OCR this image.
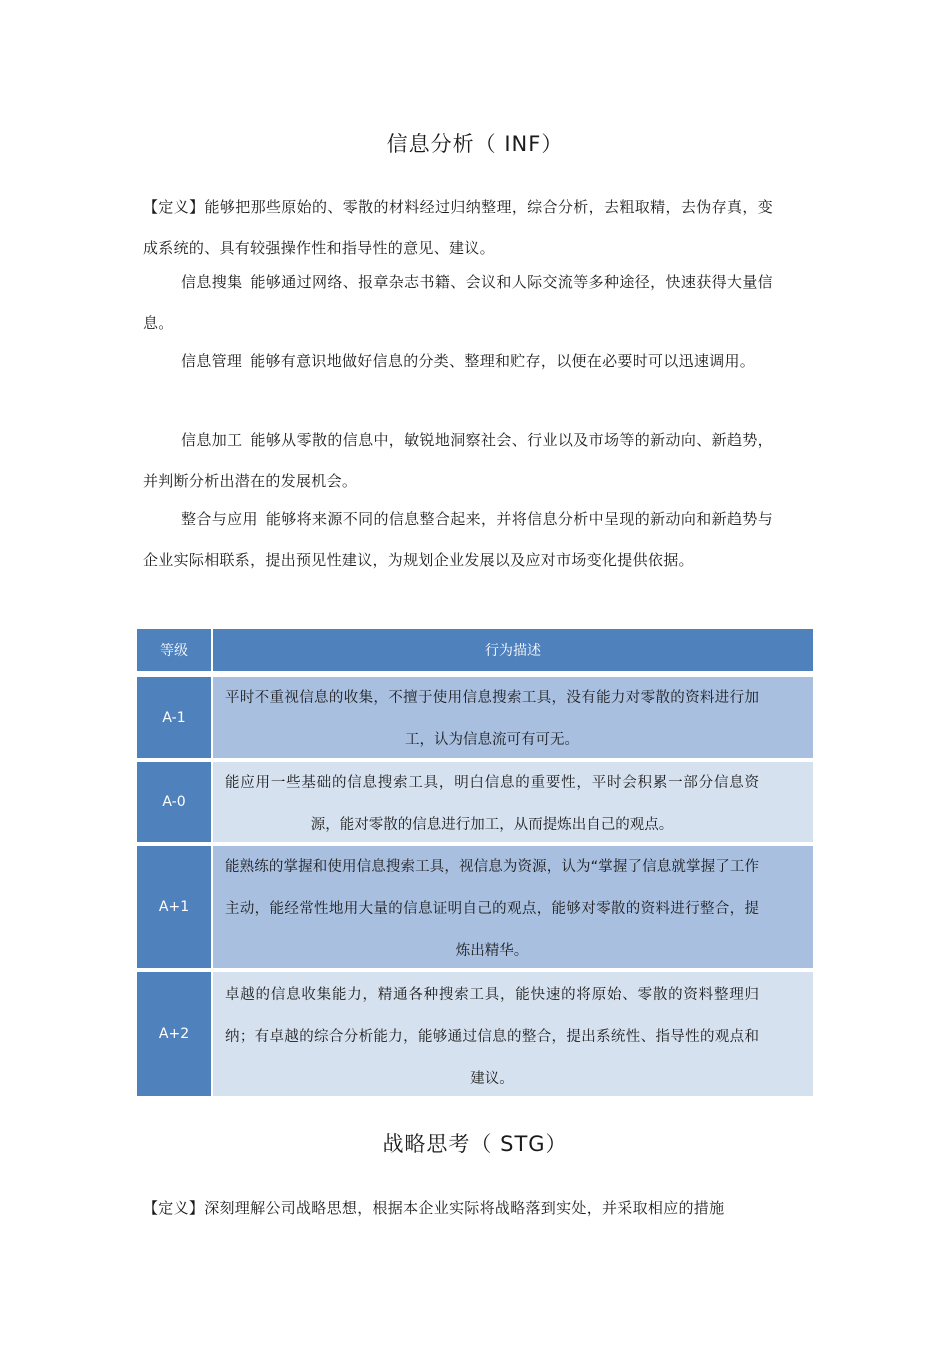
信息分析（ INF）
【定义】能够把那些原始的、零散的材料经过归纳整理，综合分析，去粗取精，去伪存真，变成系统的、具有较强操作性和指导性的意见、建议。
信息搜集 能够通过网络、报章杂志书籍、会议和人际交流等多种途径，快速获得大量信息。
信息管理 能够有意识地做好信息的分类、整理和贮存，以便在必要时可以迅速调用。
信息加工 能够从零散的信息中，敏锐地洞察社会、行业以及市场等的新动向、新趋势，并判断分析出潜在的发展机会。
整合与应用 能够将来源不同的信息整合起来，并将信息分析中呈现的新动向和新趋势与企业实际相联系，提出预见性建议，为规划企业发展以及应对市场变化提供依据。
等级	行为描述
A-1
平时不重视信息的收集，不擅于使用信息搜索工具，没有能力对零散的资料进行加工，认为信息流可有可无。
A-0
能应用一些基础的信息搜索工具，明白信息的重要性，平时会积累一部分信息资源，能对零散的信息进行加工，从而提炼出自己的观点。
A+1
能熟练的掌握和使用信息搜索工具，视信息为资源，认为“掌握了信息就掌握了工作主动，能经常性地用大量的信息证明自己的观点，能够对零散的资料进行整合，提炼出精华。
A+2
卓越的信息收集能力，精通各种搜索工具，能快速的将原始、零散的资料整理归纳；有卓越的综合分析能力，能够通过信息的整合，提出系统性、指导性的观点和建议。
战略思考（ STG）
【定义】深刻理解公司战略思想，根据本企业实际将战略落到实处，并采取相应的措施
